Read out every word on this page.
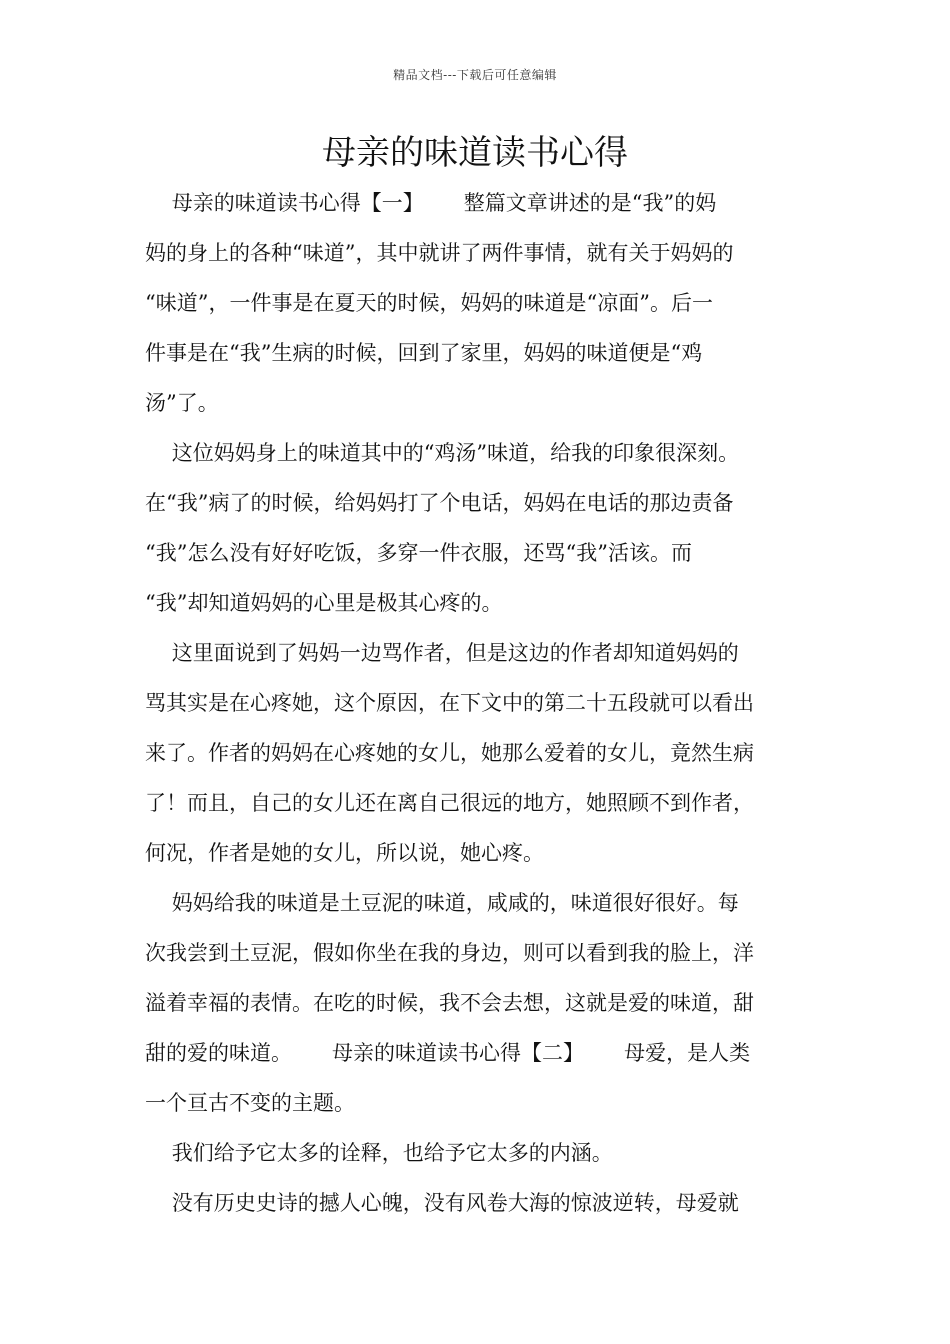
精品文档---下载后可任意编辑
母亲的味道读书心得
母亲的味道读书心得【一】      整篇文章讲述的是“我”的妈
妈的身上的各种“味道”，其中就讲了两件事情，就有关于妈妈的
“味道”，一件事是在夏天的时候，妈妈的味道是“凉面”。后一
件事是在“我”生病的时候，回到了家里，妈妈的味道便是“鸡
汤”了。
这位妈妈身上的味道其中的“鸡汤”味道，给我的印象很深刻。
在“我”病了的时候，给妈妈打了个电话，妈妈在电话的那边责备
“我”怎么没有好好吃饭，多穿一件衣服，还骂“我”活该。而
“我”却知道妈妈的心里是极其心疼的。
这里面说到了妈妈一边骂作者，但是这边的作者却知道妈妈的
骂其实是在心疼她，这个原因，在下文中的第二十五段就可以看出
来了。作者的妈妈在心疼她的女儿，她那么爱着的女儿，竟然生病
了！而且，自己的女儿还在离自己很远的地方，她照顾不到作者，
何况，作者是她的女儿，所以说，她心疼。
妈妈给我的味道是土豆泥的味道，咸咸的，味道很好很好。每
次我尝到土豆泥，假如你坐在我的身边，则可以看到我的脸上，洋
溢着幸福的表情。在吃的时候，我不会去想，这就是爱的味道，甜
甜的爱的味道。      母亲的味道读书心得【二】      母爱，是人类
一个亘古不变的主题。
我们给予它太多的诠释，也给予它太多的内涵。
没有历史史诗的撼人心魄，没有风卷大海的惊波逆转，母爱就
